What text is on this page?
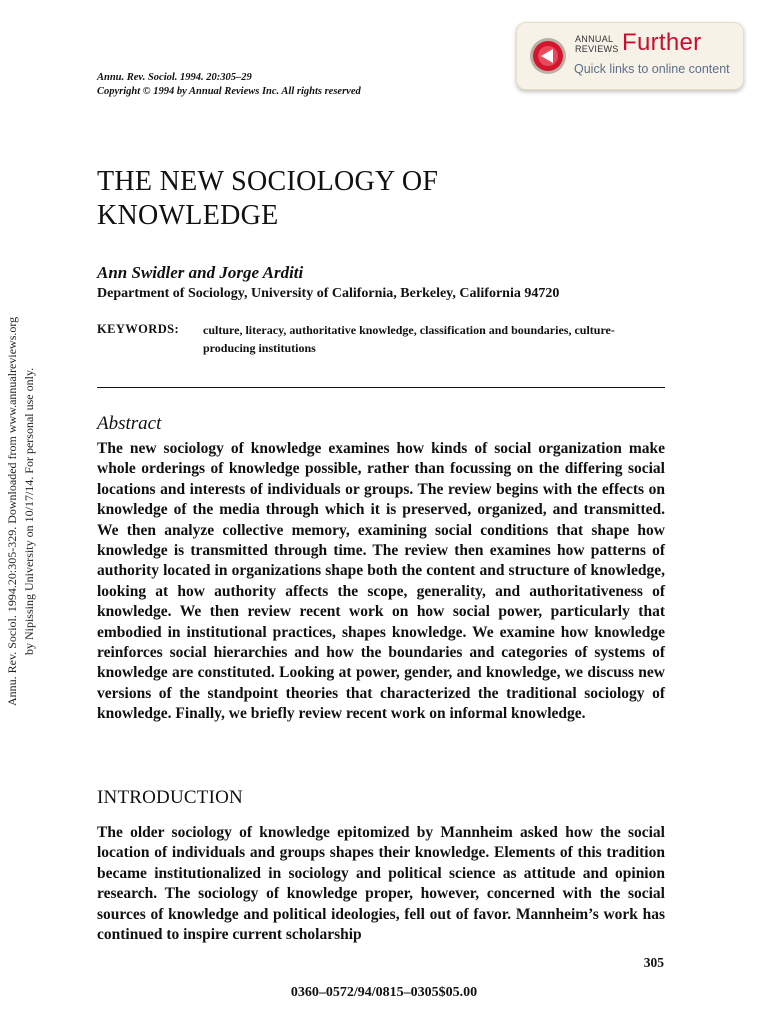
ANNUAL
REVIEWS Further
Quick links to online content
Annu. Rev. Sociol. 1994. 20:305–29
Copyright © 1994 by Annual Reviews Inc. All rights reserved
Annu. Rev. Sociol. 1994.20:305-329. Downloaded from www.annualreviews.org by Nipissing University on 10/17/14. For personal use only.
THE NEW SOCIOLOGY OF
KNOWLEDGE
Ann Swidler and Jorge Arditi
Department of Sociology, University of California, Berkeley, California 94720
KEYWORDS: culture, literacy, authoritative knowledge, classification and boundaries, culture-producing institutions
Abstract

The new sociology of knowledge examines how kinds of social organization make whole orderings of knowledge possible, rather than focussing on the differing social locations and interests of individuals or groups. The review begins with the effects on knowledge of the media through which it is preserved, organized, and transmitted. We then analyze collective memory, examining social conditions that shape how knowledge is transmitted through time. The review then examines how patterns of authority located in organizations shape both the content and structure of knowledge, looking at how authority affects the scope, generality, and authoritativeness of knowledge. We then review recent work on how social power, particularly that embodied in institutional practices, shapes knowledge. We examine how knowledge reinforces social hierarchies and how the boundaries and categories of systems of knowledge are constituted. Looking at power, gender, and knowledge, we discuss new versions of the standpoint theories that characterized the traditional sociology of knowledge. Finally, we briefly review recent work on informal knowledge.

INTRODUCTION

The older sociology of knowledge epitomized by Mannheim asked how the social location of individuals and groups shapes their knowledge. Elements of this tradition became institutionalized in sociology and political science as attitude and opinion research. The sociology of knowledge proper, however, concerned with the social sources of knowledge and political ideologies, fell out of favor. Mannheim’s work has continued to inspire current scholarship

305
0360–0572/94/0815–0305$05.00
